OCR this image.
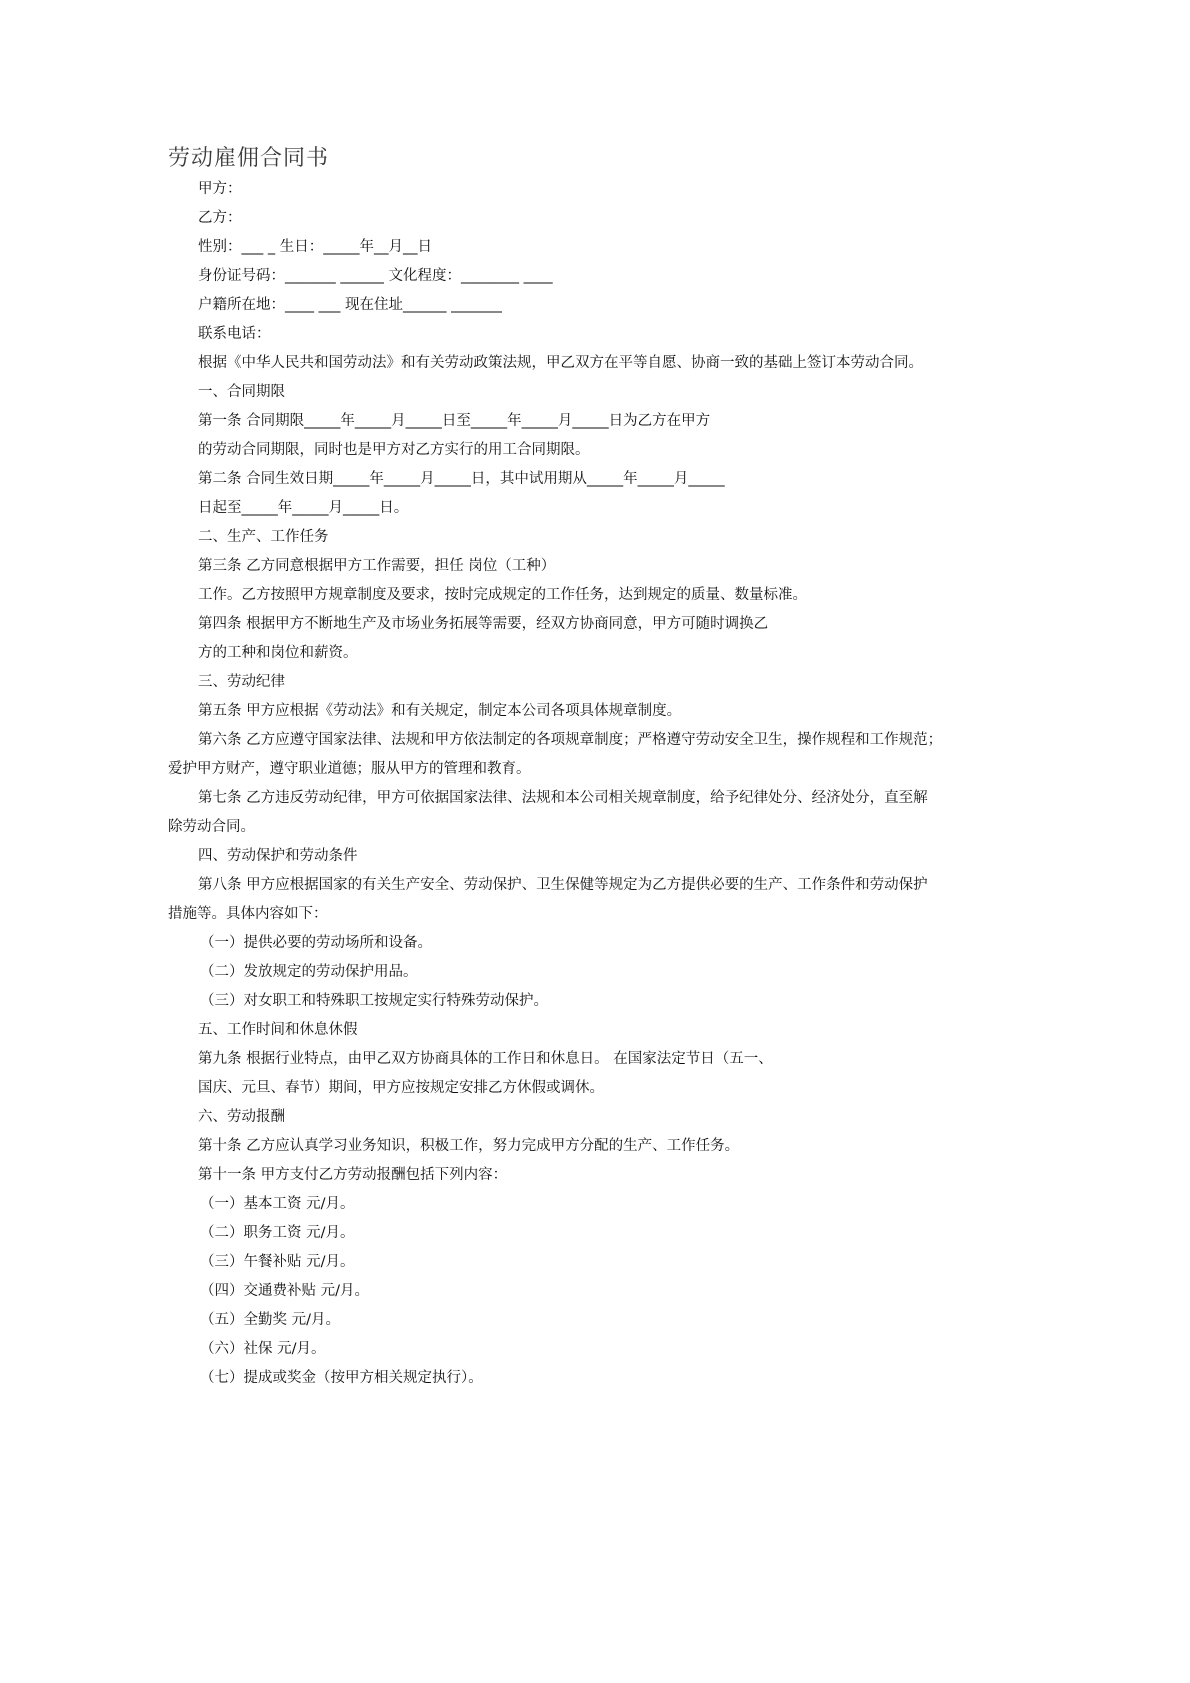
劳动雇佣合同书
甲方：
乙方：
性别：___ _ 生日：_____年__月__日
身份证号码：_______ ______ 文化程度：________ ____
户籍所在地：____ ___ 现在住址______ _______
联系电话：
根据《中华人民共和国劳动法》和有关劳动政策法规，甲乙双方在平等自愿、协商一致的基础上签订本劳动合同。
一、合同期限
第一条 合同期限_____年_____月_____日至_____年_____月_____日为乙方在甲方
的劳动合同期限，同时也是甲方对乙方实行的用工合同期限。
第二条 合同生效日期_____年_____月_____日，其中试用期从_____年_____月_____
日起至_____年_____月_____日。
二、生产、工作任务
第三条 乙方同意根据甲方工作需要，担任 岗位（工种）
工作。乙方按照甲方规章制度及要求，按时完成规定的工作任务，达到规定的质量、数量标准。
第四条 根据甲方不断地生产及市场业务拓展等需要，经双方协商同意，甲方可随时调换乙
方的工种和岗位和薪资。
三、劳动纪律
第五条 甲方应根据《劳动法》和有关规定，制定本公司各项具体规章制度。
第六条 乙方应遵守国家法律、法规和甲方依法制定的各项规章制度；严格遵守劳动安全卫生，操作规程和工作规范；
爱护甲方财产，遵守职业道德；服从甲方的管理和教育。
第七条 乙方违反劳动纪律，甲方可依据国家法律、法规和本公司相关规章制度，给予纪律处分、经济处分，直至解
除劳动合同。
四、劳动保护和劳动条件
第八条 甲方应根据国家的有关生产安全、劳动保护、卫生保健等规定为乙方提供必要的生产、工作条件和劳动保护
措施等。具体内容如下：
（一）提供必要的劳动场所和设备。
（二）发放规定的劳动保护用品。
（三）对女职工和特殊职工按规定实行特殊劳动保护。
五、工作时间和休息休假
第九条 根据行业特点，由甲乙双方协商具体的工作日和休息日。 在国家法定节日（五一、
国庆、元旦、春节）期间，甲方应按规定安排乙方休假或调休。
六、劳动报酬
第十条 乙方应认真学习业务知识，积极工作，努力完成甲方分配的生产、工作任务。
第十一条 甲方支付乙方劳动报酬包括下列内容：
（一）基本工资 元/月。
（二）职务工资 元/月。
（三）午餐补贴 元/月。
（四）交通费补贴 元/月。
（五）全勤奖 元/月。
（六）社保 元/月。
（七）提成或奖金（按甲方相关规定执行）。
